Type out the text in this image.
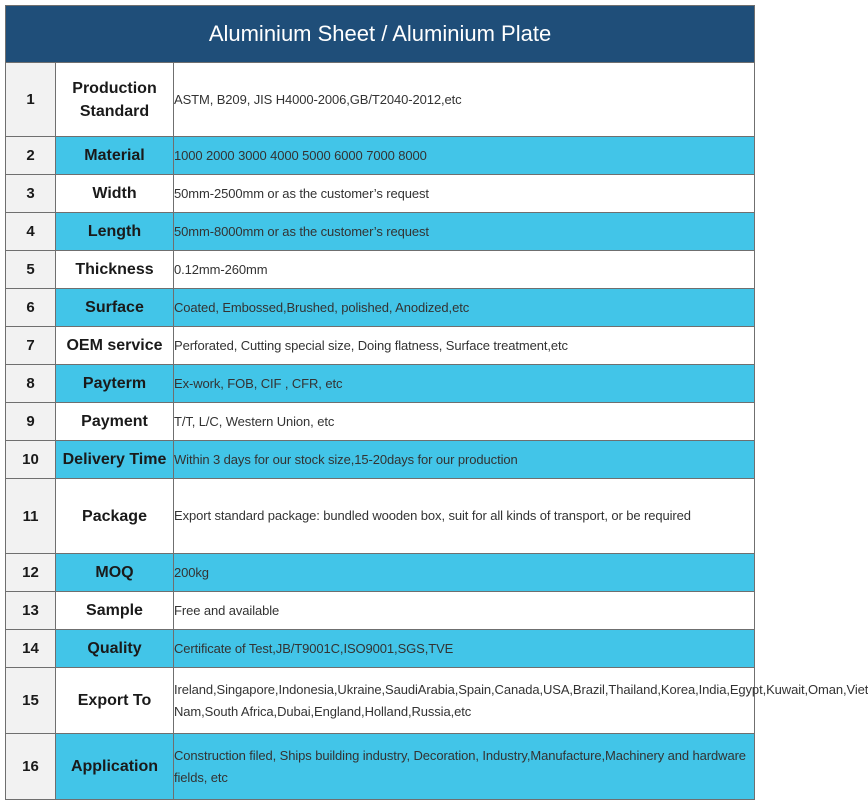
Aluminium Sheet / Aluminium Plate		
1	Production Standard	ASTM, B209, JIS H4000-2006,GB/T2040-2012,etc
2	Material	1000 2000 3000 4000 5000 6000 7000 8000
3	Width	50mm-2500mm or as the customer’s request
4	Length	50mm-8000mm or as the customer’s request
5	Thickness	0.12mm-260mm
6	Surface	Coated, Embossed,Brushed, polished, Anodized,etc
7	OEM service	Perforated, Cutting special size, Doing flatness, Surface treatment,etc
8	Payterm	Ex-work, FOB, CIF , CFR, etc
9	Payment	T/T, L/C, Western Union, etc
10	Delivery Time	Within 3 days for our stock size,15-20days for our production
11	Package	Export standard package: bundled wooden box, suit for all kinds of transport, or be required
12	MOQ	200kg
13	Sample	Free and available
14	Quality	Certificate of Test,JB/T9001C,ISO9001,SGS,TVE
15	Export To	Ireland,Singapore,Indonesia,Ukraine,SaudiArabia,Spain,Canada,USA,Brazil,Thailand,Korea,India,Egypt,Kuwait,Oman,Viet Nam,South Africa,Dubai,England,Holland,Russia,etc
16	Application	Construction filed, Ships building industry, Decoration, Industry,Manufacture,Machinery and hardware fields, etc
